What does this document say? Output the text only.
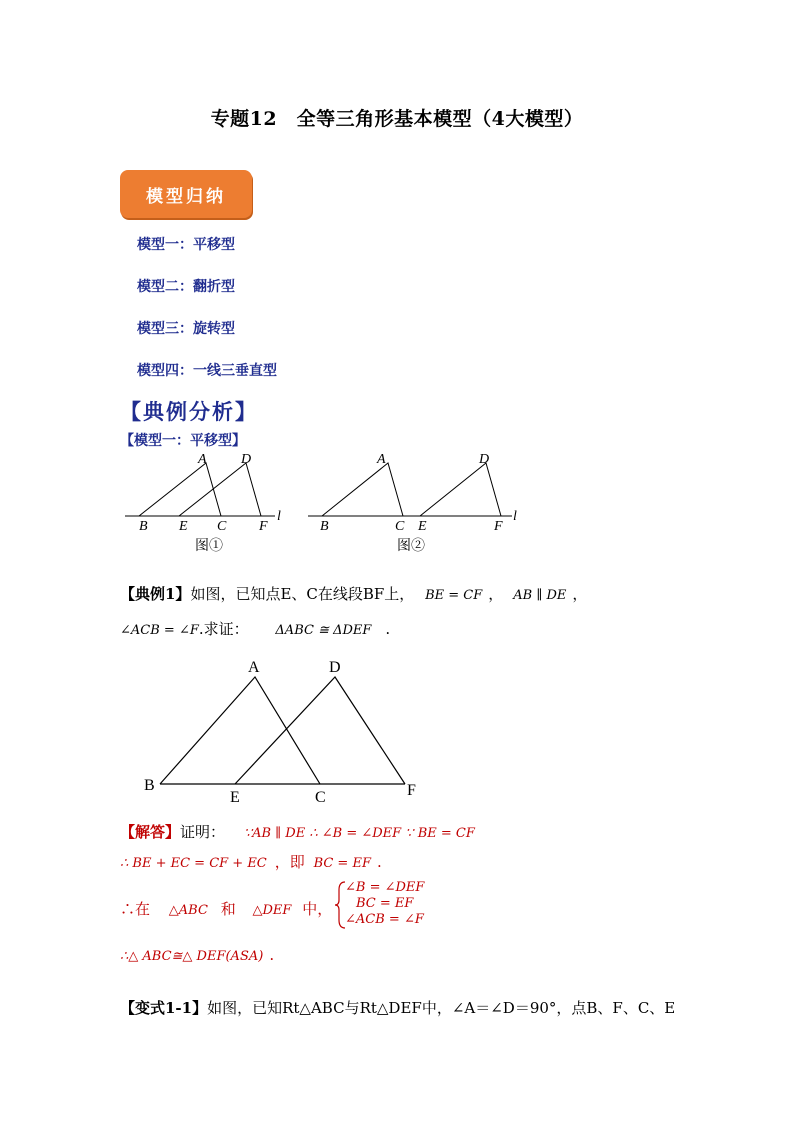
专题12　全等三角形基本模型（4大模型）
模型归纳
模型一：平移型
模型二：翻折型
模型三：旋转型
模型四：一线三垂直型
【典例分析】
【模型一：平移型】
A D
B E C F
l
图①
A	D
B	C E	F
l
图②
【典例1】如图，已知点E、C在线段BF上， BE = CF ， AB ∥ DE ，
∠ACB = ∠F.求证： ΔABC ≅ ΔDEF .
A	D
B
E	C	F
【解答】证明： ∵AB ∥ DE ∴ ∠B = ∠DEF ∵ BE = CF
∴ BE + EC = CF + EC ，即 BC = EF .
∴在 △ABC 和 △DEF 中，
∠B = ∠DEF
BC = EF
∠ACB = ∠F
∴△ ABC≅△ DEF(ASA) .
【变式1-1】如图，已知Rt△ABC与Rt△DEF中，∠A＝∠D＝90°，点B、F、C、E
